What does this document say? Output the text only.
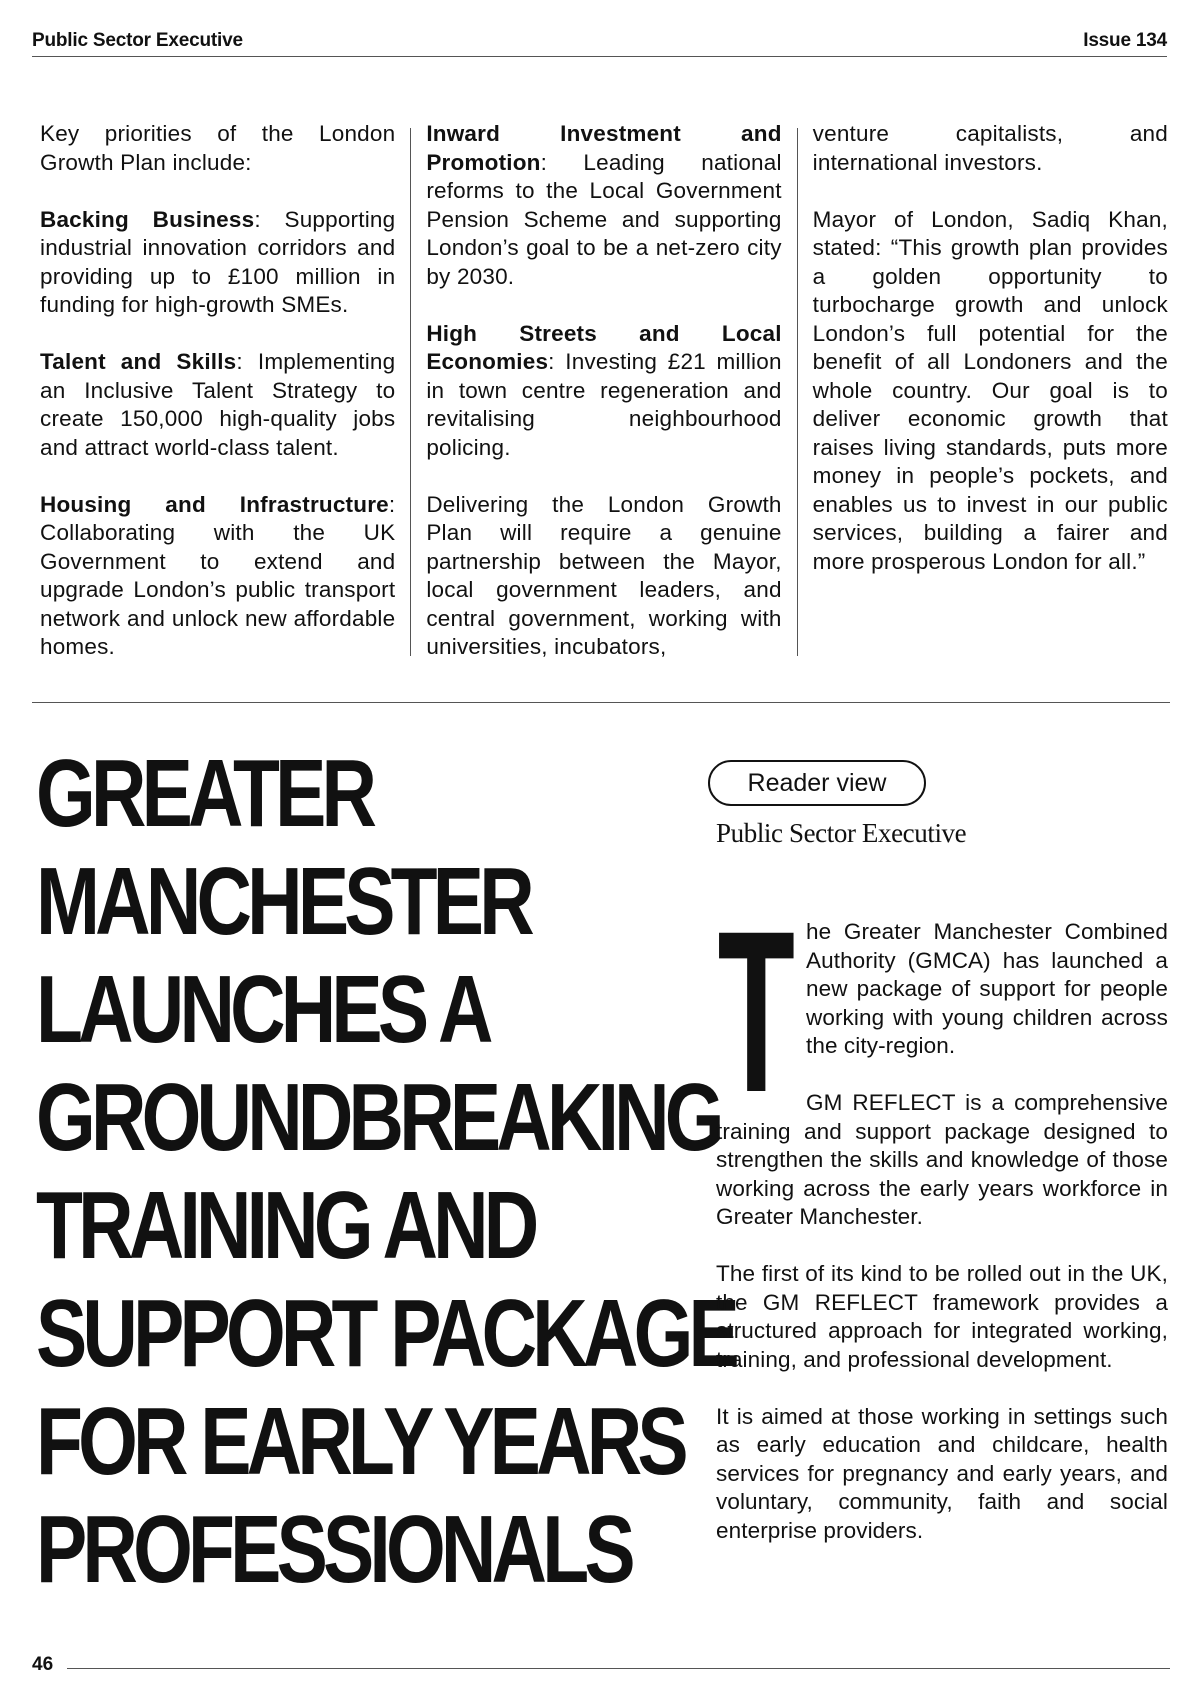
Public Sector Executive	Issue 134

Key priorities of the London Growth Plan include:

Backing Business: Supporting industrial innovation corridors and providing up to £100 million in funding for high-growth SMEs.

Talent and Skills: Implementing an Inclusive Talent Strategy to create 150,000 high-quality jobs and attract world-class talent.

Housing and Infrastructure: Collaborating with the UK Government to extend and upgrade London’s public transport network and unlock new affordable homes.

Inward Investment and Promotion: Leading national reforms to the Local Government Pension Scheme and supporting London’s goal to be a net-zero city by 2030.

High Streets and Local Economies: Investing £21 million in town centre regeneration and revitalising neighbourhood policing.

Delivering the London Growth Plan will require a genuine partnership between the Mayor, local government leaders, and central government, working with universities, incubators,

venture capitalists, and international investors.

Mayor of London, Sadiq Khan, stated: “This growth plan provides a golden opportunity to turbocharge growth and unlock London’s full potential for the benefit of all Londoners and the whole country. Our goal is to deliver economic growth that raises living standards, puts more money in people’s pockets, and enables us to invest in our public services, building a fairer and more prosperous London for all.”

GREATER
MANCHESTER
LAUNCHES A
GROUNDBREAKING
TRAINING AND
SUPPORT PACKAGE
FOR EARLY YEARS
PROFESSIONALS
Reader view
Public Sector Executive
T he Greater Manchester Combined Authority (GMCA) has launched a new package of support for people working with young children across the city-region.

GM REFLECT is a comprehensive training and support package designed to strengthen the skills and knowledge of those working across the early years workforce in Greater Manchester.

The first of its kind to be rolled out in the UK, the GM REFLECT framework provides a structured approach for integrated working, training, and professional development.

It is aimed at those working in settings such as early education and childcare, health services for pregnancy and early years, and voluntary, community, faith and social enterprise providers.

46
